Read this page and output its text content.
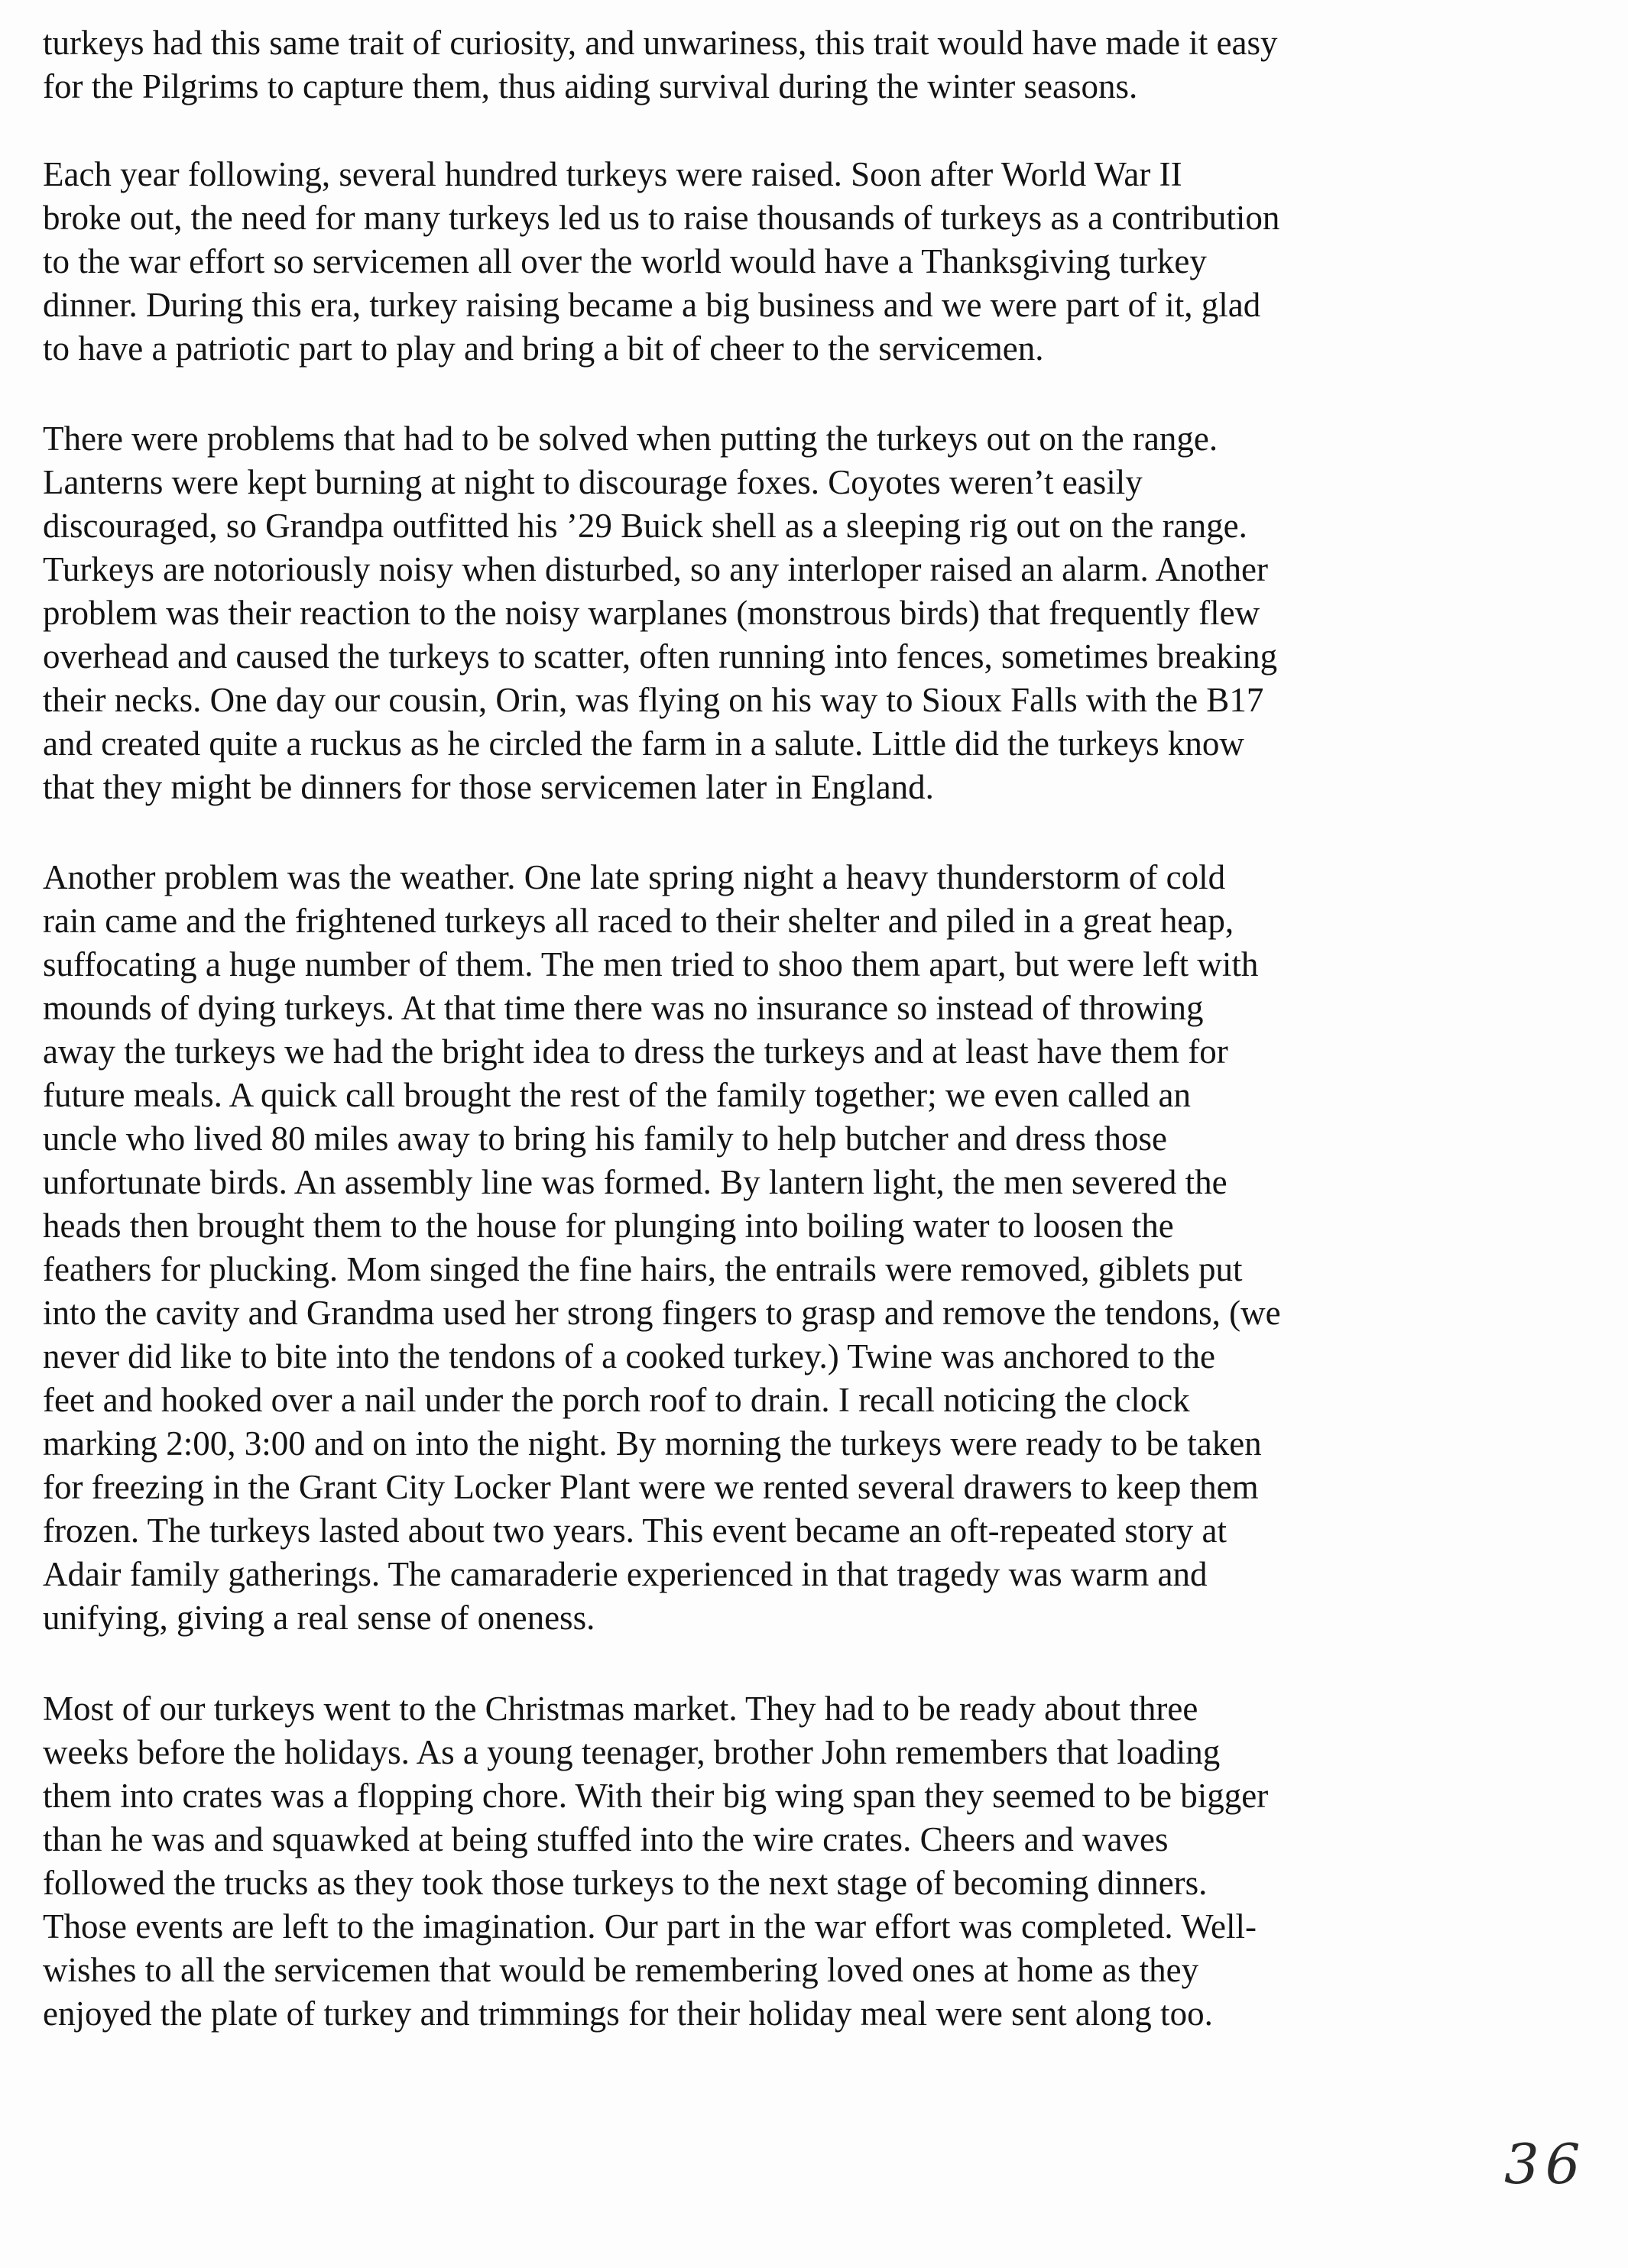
turkeys had this same trait of curiosity, and unwariness, this trait would have made it easy
for the Pilgrims to capture them, thus aiding survival during the winter seasons.
Each year following, several hundred turkeys were raised. Soon after World War II
broke out, the need for many turkeys led us to raise thousands of turkeys as a contribution
to the war effort so servicemen all over the world would have a Thanksgiving turkey
dinner. During this era, turkey raising became a big business and we were part of it, glad
to have a patriotic part to play and bring a bit of cheer to the servicemen.
There were problems that had to be solved when putting the turkeys out on the range.
Lanterns were kept burning at night to discourage foxes. Coyotes weren’t easily
discouraged, so Grandpa outfitted his ’29 Buick shell as a sleeping rig out on the range.
Turkeys are notoriously noisy when disturbed, so any interloper raised an alarm. Another
problem was their reaction to the noisy warplanes (monstrous birds) that frequently flew
overhead and caused the turkeys to scatter, often running into fences, sometimes breaking
their necks. One day our cousin, Orin, was flying on his way to Sioux Falls with the B17
and created quite a ruckus as he circled the farm in a salute. Little did the turkeys know
that they might be dinners for those servicemen later in England.
Another problem was the weather. One late spring night a heavy thunderstorm of cold
rain came and the frightened turkeys all raced to their shelter and piled in a great heap,
suffocating a huge number of them. The men tried to shoo them apart, but were left with
mounds of dying turkeys. At that time there was no insurance so instead of throwing
away the turkeys we had the bright idea to dress the turkeys and at least have them for
future meals. A quick call brought the rest of the family together; we even called an
uncle who lived 80 miles away to bring his family to help butcher and dress those
unfortunate birds. An assembly line was formed. By lantern light, the men severed the
heads then brought them to the house for plunging into boiling water to loosen the
feathers for plucking. Mom singed the fine hairs, the entrails were removed, giblets put
into the cavity and Grandma used her strong fingers to grasp and remove the tendons, (we
never did like to bite into the tendons of a cooked turkey.) Twine was anchored to the
feet and hooked over a nail under the porch roof to drain. I recall noticing the clock
marking 2:00, 3:00 and on into the night. By morning the turkeys were ready to be taken
for freezing in the Grant City Locker Plant were we rented several drawers to keep them
frozen. The turkeys lasted about two years. This event became an oft-repeated story at
Adair family gatherings. The camaraderie experienced in that tragedy was warm and
unifying, giving a real sense of oneness.
Most of our turkeys went to the Christmas market. They had to be ready about three
weeks before the holidays. As a young teenager, brother John remembers that loading
them into crates was a flopping chore. With their big wing span they seemed to be bigger
than he was and squawked at being stuffed into the wire crates. Cheers and waves
followed the trucks as they took those turkeys to the next stage of becoming dinners.
Those events are left to the imagination. Our part in the war effort was completed. Well-
wishes to all the servicemen that would be remembering loved ones at home as they
enjoyed the plate of turkey and trimmings for their holiday meal were sent along too.
36
